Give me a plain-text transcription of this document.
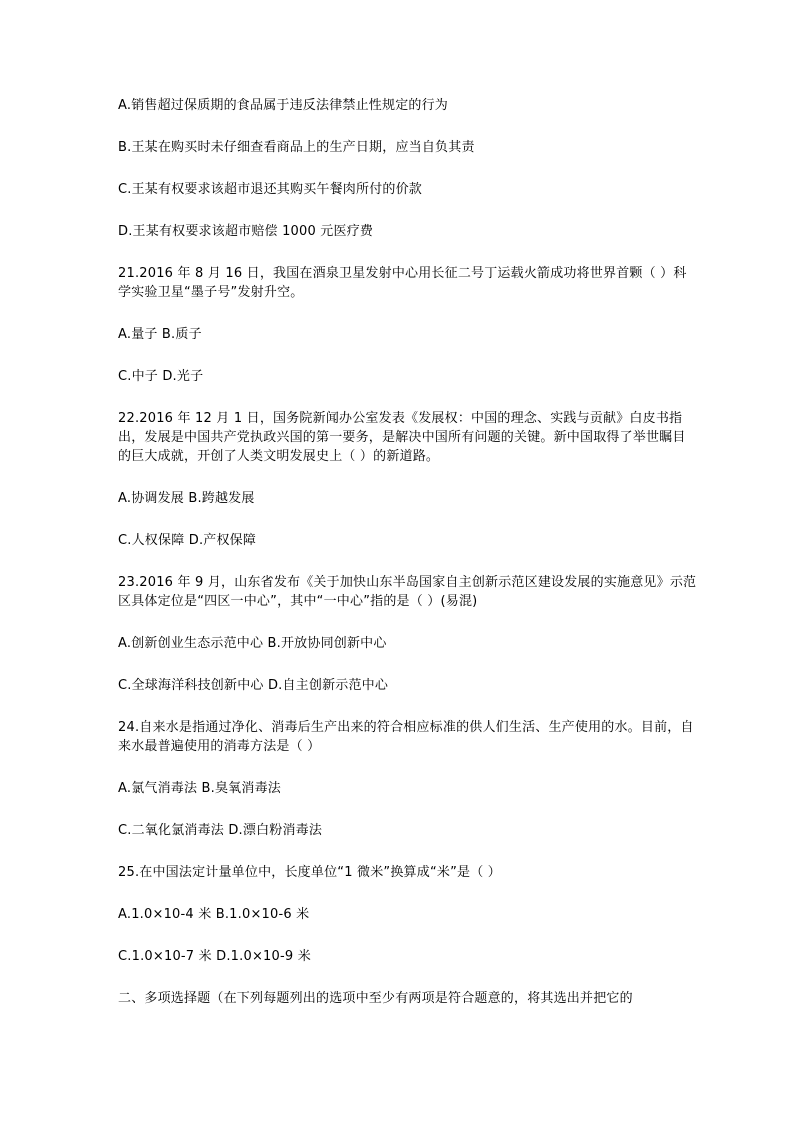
A.销售超过保质期的食品属于违反法律禁止性规定的行为

B.王某在购买时未仔细查看商品上的生产日期，应当自负其责

C.王某有权要求该超市退还其购买午餐肉所付的价款

D.王某有权要求该超市赔偿 1000 元医疗费

21.2016 年 8 月 16 日，我国在酒泉卫星发射中心用长征二号丁运载火箭成功将世界首颗（ ）科学实验卫星“墨子号”发射升空。

A.量子 B.质子

C.中子 D.光子

22.2016 年 12 月 1 日，国务院新闻办公室发表《发展权：中国的理念、实践与贡献》白皮书指出，发展是中国共产党执政兴国的第一要务，是解决中国所有问题的关键。新中国取得了举世瞩目的巨大成就，开创了人类文明发展史上（ ）的新道路。

A.协调发展 B.跨越发展

C.人权保障 D.产权保障

23.2016 年 9 月，山东省发布《关于加快山东半岛国家自主创新示范区建设发展的实施意见》示范区具体定位是“四区一中心”，其中“一中心”指的是（ ）(易混)

A.创新创业生态示范中心 B.开放协同创新中心

C.全球海洋科技创新中心 D.自主创新示范中心

24.自来水是指通过净化、消毒后生产出来的符合相应标准的供人们生活、生产使用的水。目前，自来水最普遍使用的消毒方法是（ ）

A.氯气消毒法 B.臭氧消毒法

C.二氧化氯消毒法 D.漂白粉消毒法

25.在中国法定计量单位中，长度单位“1 微米”换算成“米”是（ ）

A.1.0×10-4 米 B.1.0×10-6 米

C.1.0×10-7 米 D.1.0×10-9 米

二、多项选择题（在下列每题列出的选项中至少有两项是符合题意的，将其选出并把它的
